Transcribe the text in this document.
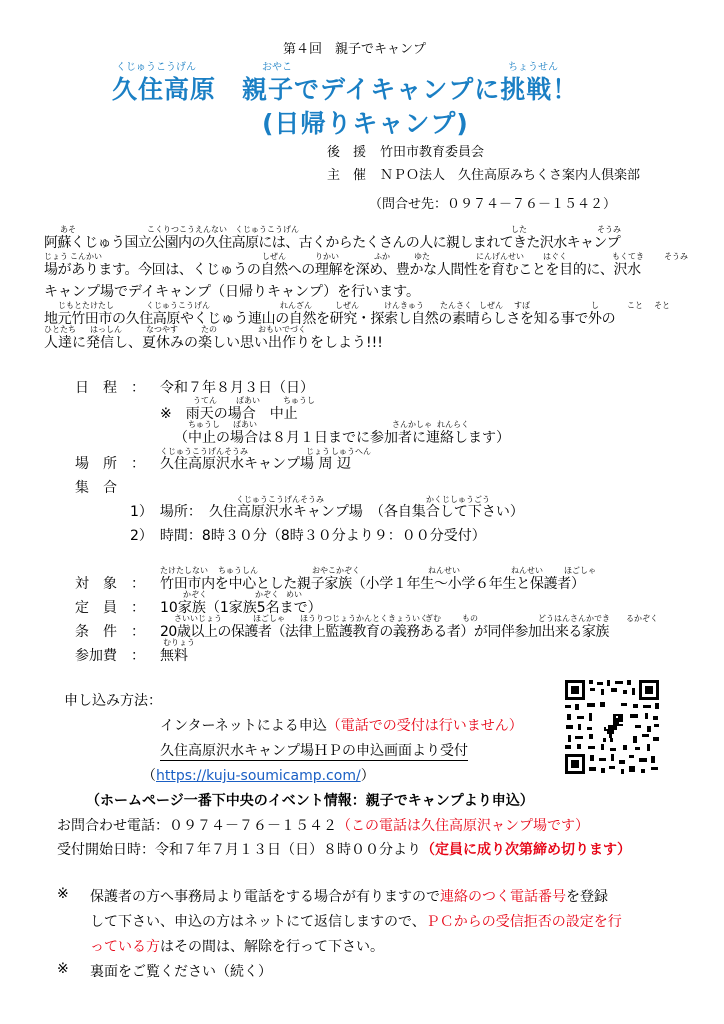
第４回　親子でキャンプ
くじゅうこうげん	おやこ	ちょうせん
久住高原　親子でデイキャンプに挑戦！
(日帰りキャンプ)
後　援 竹田市教育委員会
主　催 ＮＰＯ法人　久住高原みちくさ案内人倶楽部
（問合せ先：０９７４－７６－１５４２）
あそ	こくりつこうえんない くじゅうこうげん	した	そうみ
阿蘇くじゅう国立公園内の久住高原には、古くからたくさんの人に親しまれてきた沢水キャンプ
じょう こんかい	しぜん	りかい	ふか	ゆた	にんげんせい はぐく	もくてき	そうみ
場があります。今回は、くじゅうの自然への理解を深め、豊かな人間性を育むことを目的に、沢水
キャンプ場でデイキャンプ（日帰りキャンプ）を行います。
じもとたけたし	くじゅうこうげん	れんざん	しぜん	けんきゅう たんさく しぜん すば	し	こと そと
地元竹田市の久住高原やくじゅう連山の自然を研究・探索し自然の素晴らしさを知る事で外の
ひとたち はっしん	なつやす	たの	おもいでづく
人達に発信し、夏休みの楽しい思い出作りをしよう!!!
日　程　： 令和７年８月３日（日）
うてん ばあい	ちゅうし
※　雨天の場合　中止
ちゅうし ばあい	さんかしゃ れんらく
（中止の場合は８月１日までに参加者に連絡します）
くじゅうこうげんそうみ	じょう しゅうへん
場　所　： 久住高原沢水キャンプ場 周 辺
集　合
くじゅうこうげんそうみ	かくじしゅうごう
1）　場所：　久住高原沢水キャンプ場　（各自集合して下さい）
2）　時間：8時３０分（8時３０分より９：００分受付）
たけたしない ちゅうしん	おやこかぞく	ねんせい	ねんせい	ほごしゃ
対　象　： 竹田市内を中心とした親子家族（小学１年生～小学６年生と保護者）
かぞく	かぞく めい
定　員　： 10家族（1家族5名まで）
さいいじょう	ほごしゃ ほうりつじょうかんとくきょういく
ぎむ	もの	どうはんさんかでき るかぞく
条　件　： 20歳以上の保護者（法律上監護教育の義務ある者）が同伴参加出来る家族
むりょう
参加費　： 無料
申し込み方法：
インターネットによる申込（電話での受付は行いません）
久住高原沢水キャンプ場ＨＰの申込画面より受付
（https://kuju-soumicamp.com/）
（ホームページ一番下中央のイベント情報：親子でキャンプより申込）
お問合わせ電話：０９７４－７６－１５４２（この電話は久住高原沢ャンプ場です）
受付開始日時：令和７年７月１３日（日）８時００分より（定員に成り次第締め切ります）
※ 保護者の方へ事務局より電話をする場合が有りますので連絡のつく電話番号を登録
して下さい、申込の方はネットにて返信しますので、ＰＣからの受信拒否の設定を行
っている方はその間は、解除を行って下さい。
※ 裏面をご覧ください（続く）
